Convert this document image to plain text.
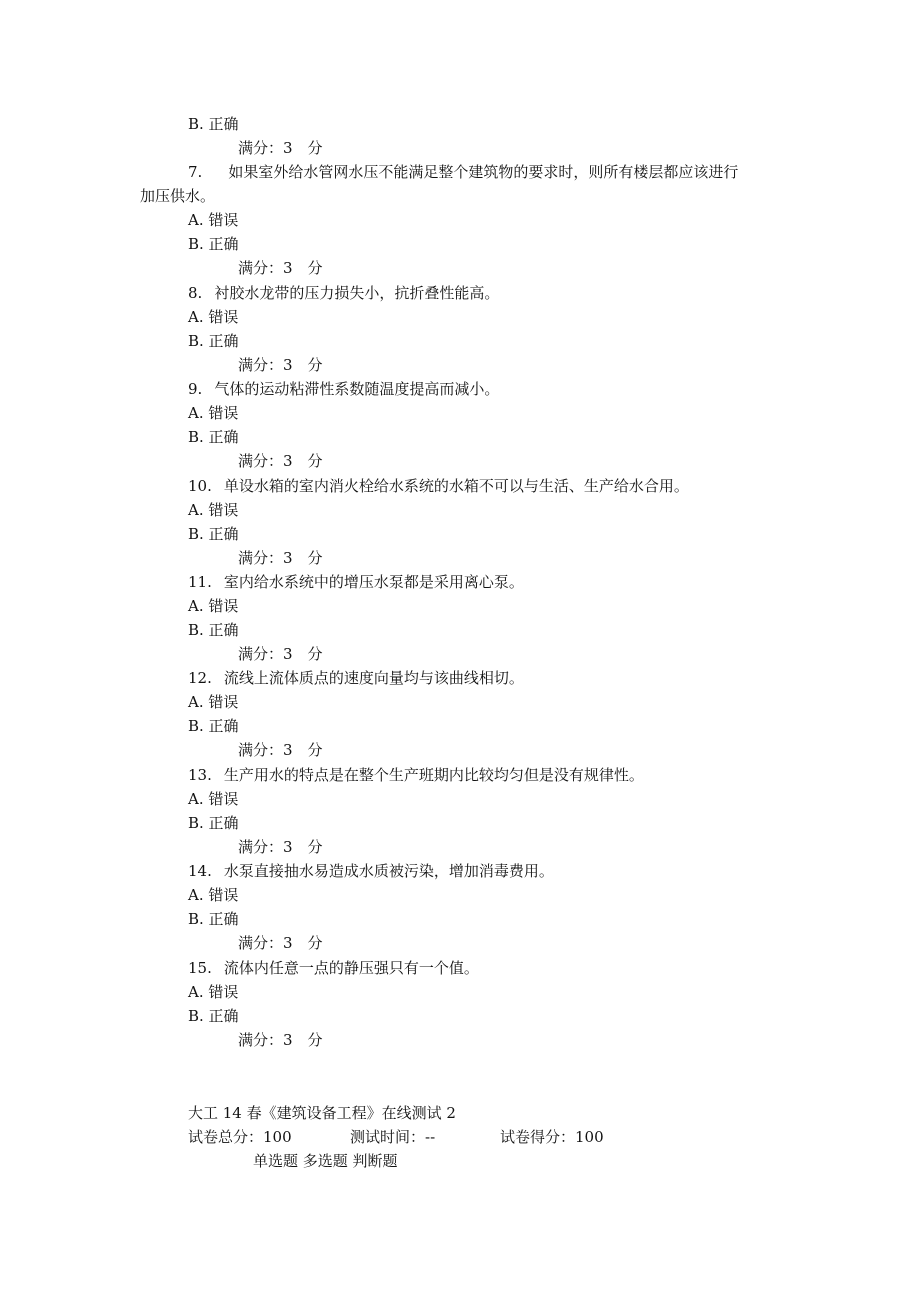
B. 正确
满分：3　分
7. 如果室外给水管网水压不能满足整个建筑物的要求时，则所有楼层都应该进行
加压供水。
A. 错误
B. 正确
满分：3　分
8. 衬胶水龙带的压力损失小，抗折叠性能高。
A. 错误
B. 正确
满分：3　分
9. 气体的运动粘滞性系数随温度提高而减小。
A. 错误
B. 正确
满分：3　分
10. 单设水箱的室内消火栓给水系统的水箱不可以与生活、生产给水合用。
A. 错误
B. 正确
满分：3　分
11. 室内给水系统中的增压水泵都是采用离心泵。
A. 错误
B. 正确
满分：3　分
12. 流线上流体质点的速度向量均与该曲线相切。
A. 错误
B. 正确
满分：3　分
13. 生产用水的特点是在整个生产班期内比较均匀但是没有规律性。
A. 错误
B. 正确
满分：3　分
14. 水泵直接抽水易造成水质被污染，增加消毒费用。
A. 错误
B. 正确
满分：3　分
15. 流体内任意一点的静压强只有一个值。
A. 错误
B. 正确
满分：3　分
大工 14 春《建筑设备工程》在线测试 2
试卷总分：100	测试时间：--	试卷得分：100
单选题 多选题 判断题
